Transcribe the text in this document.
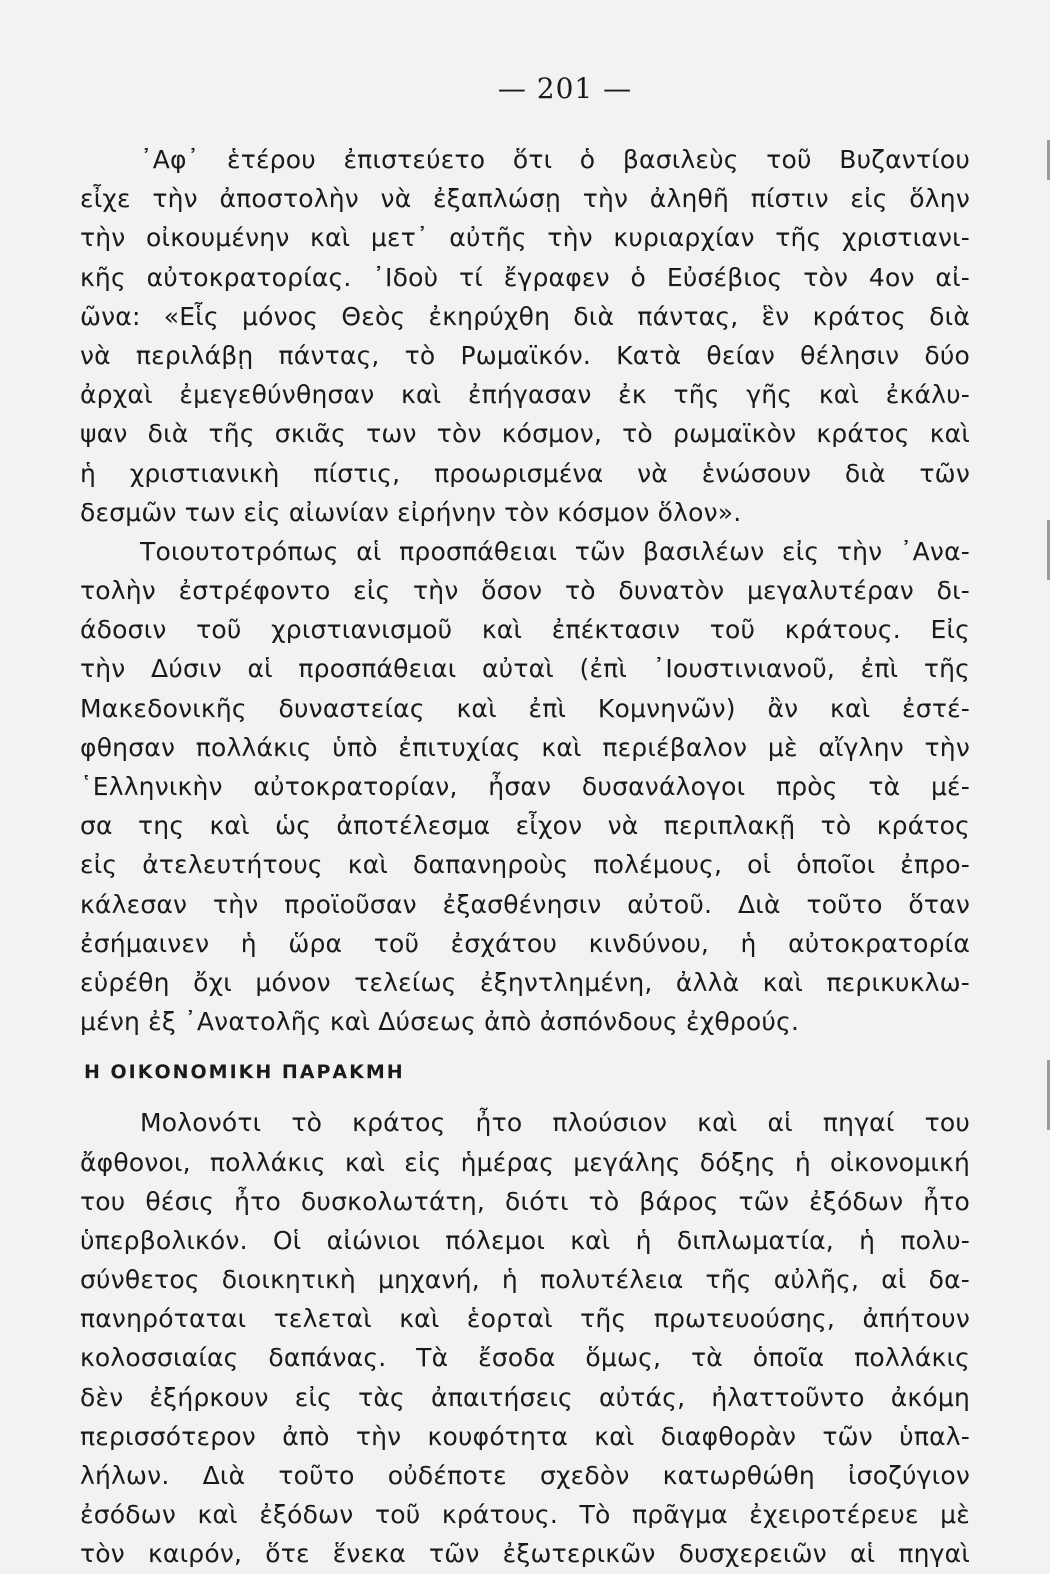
— 201 —
᾿Αφ᾿ ἑτέρου ἐπιστεύετο ὅτι ὁ βασιλεὺς τοῦ Βυζαντίου
εἶχε τὴν ἀποστολὴν νὰ ἐξαπλώσῃ τὴν ἀληθῆ πίστιν εἰς ὅλην
τὴν οἰκουμένην καὶ μετ᾿ αὐτῆς τὴν κυριαρχίαν τῆς χριστιανι-
κῆς αὐτοκρατορίας. ᾿Ιδοὺ τί ἔγραφεν ὁ Εὐσέβιος τὸν 4ον αἰ-
ῶνα: «Εἷς μόνος Θεὸς ἐκηρύχθη διὰ πάντας, ἓν κράτος διὰ
νὰ περιλάβῃ πάντας, τὸ Ρωμαϊκόν. Κατὰ θείαν θέλησιν δύο
ἀρχαὶ ἐμεγεθύνθησαν καὶ ἐπήγασαν ἐκ τῆς γῆς καὶ ἐκάλυ-
ψαν διὰ τῆς σκιᾶς των τὸν κόσμον, τὸ ρωμαϊκὸν κράτος καὶ
ἡ χριστιανικὴ πίστις, προωρισμένα νὰ ἑνώσουν διὰ τῶν
δεσμῶν των εἰς αἰωνίαν εἰρήνην τὸν κόσμον ὅλον».
Τοιουτοτρόπως αἱ προσπάθειαι τῶν βασιλέων εἰς τὴν ᾿Ανα-
τολὴν ἐστρέφοντο εἰς τὴν ὅσον τὸ δυνατὸν μεγαλυτέραν δι-
άδοσιν τοῦ χριστιανισμοῦ καὶ ἐπέκτασιν τοῦ κράτους. Εἰς
τὴν Δύσιν αἱ προσπάθειαι αὐταὶ (ἐπὶ ᾿Ιουστινιανοῦ, ἐπὶ τῆς
Μακεδονικῆς δυναστείας καὶ ἐπὶ Κομνηνῶν) ἂν καὶ ἐστέ-
φθησαν πολλάκις ὑπὸ ἐπιτυχίας καὶ περιέβαλον μὲ αἴγλην τὴν
῾Ελληνικὴν αὐτοκρατορίαν, ἦσαν δυσανάλογοι πρὸς τὰ μέ-
σα της καὶ ὡς ἀποτέλεσμα εἶχον νὰ περιπλακῇ τὸ κράτος
εἰς ἀτελευτήτους καὶ δαπανηροὺς πολέμους, οἱ ὁποῖοι ἐπρο-
κάλεσαν τὴν προϊοῦσαν ἐξασθένησιν αὐτοῦ. Διὰ τοῦτο ὅταν
ἐσήμαινεν ἡ ὥρα τοῦ ἐσχάτου κινδύνου, ἡ αὐτοκρατορία
εὑρέθη ὄχι μόνον τελείως ἐξηντλημένη, ἀλλὰ καὶ περικυκλω-
μένη ἐξ ᾿Ανατολῆς καὶ Δύσεως ἀπὸ ἀσπόνδους ἐχθρούς.
Η ΟΙΚΟΝΟΜΙΚΗ ΠΑΡΑΚΜΗ
Μολονότι τὸ κράτος ἦτο πλούσιον καὶ αἱ πηγαί του
ἄφθονοι, πολλάκις καὶ εἰς ἡμέρας μεγάλης δόξης ἡ οἰκονομική
του θέσις ἦτο δυσκολωτάτη, διότι τὸ βάρος τῶν ἐξόδων ἦτο
ὑπερβολικόν. Οἱ αἰώνιοι πόλεμοι καὶ ἡ διπλωματία, ἡ πολυ-
σύνθετος διοικητικὴ μηχανή, ἡ πολυτέλεια τῆς αὐλῆς, αἱ δα-
πανηρόταται τελεταὶ καὶ ἑορταὶ τῆς πρωτευούσης, ἀπήτουν
κολοσσιαίας δαπάνας. Τὰ ἔσοδα ὅμως, τὰ ὁποῖα πολλάκις
δὲν ἐξήρκουν εἰς τὰς ἀπαιτήσεις αὐτάς, ἠλαττοῦντο ἀκόμη
περισσότερον ἀπὸ τὴν κουφότητα καὶ διαφθορὰν τῶν ὑπαλ-
λήλων. Διὰ τοῦτο οὐδέποτε σχεδὸν κατωρθώθη ἰσοζύγιον
ἐσόδων καὶ ἐξόδων τοῦ κράτους. Τὸ πρᾶγμα ἐχειροτέρευε μὲ
τὸν καιρόν, ὅτε ἕνεκα τῶν ἐξωτερικῶν δυσχερειῶν αἱ πηγαὶ
